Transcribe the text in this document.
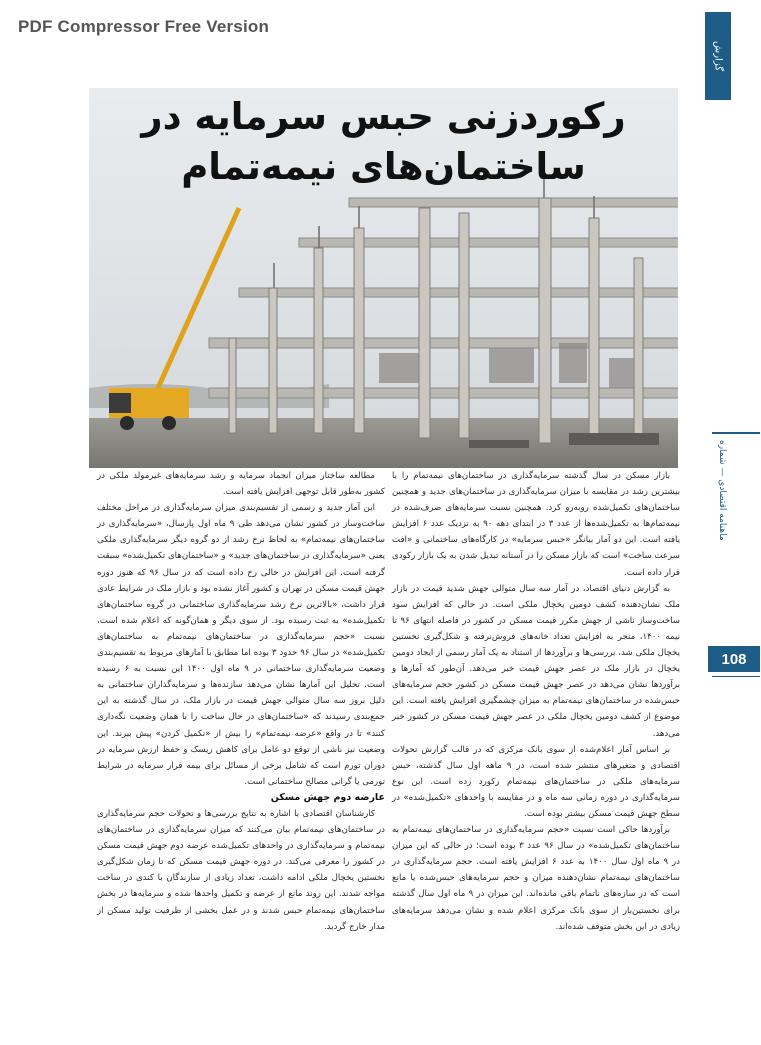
PDF Compressor Free Version
گزارش
ماهنامه اقتصادی — شماره
108
رکوردزنی حبس سرمایه در
ساختمان‌های نیمه‌تمام

بازار مسکن در سال گذشته سرمایه‌گذاری در ساختمان‌های نیمه‌تمام را با بیشترین رشد در مقایسه با میزان سرمایه‌گذاری در ساختمان‌های جدید و همچنین ساختمان‌های تکمیل‌شده روبه‌رو کرد. همچنین نسبت سرمایه‌های صرف‌شده در نیمه‌تمام‌ها به تکمیل‌شده‌ها از عدد ۳ در ابتدای دهه ۹۰ به نزدیک عدد ۶ افزایش یافته است. این دو آمار بیانگر «حبس سرمایه» در کارگاه‌های ساختمانی و «افت سرعت ساخت» است که بازار مسکن را در آستانه تبدیل شدن به یک بازار رکودی قرار داده است.

به گزارش دنیای اقتصاد، در آمار سه سال متوالی جهش شدید قیمت در بازار ملک نشان‌دهنده کشف دومین یخچال ملکی است. در حالی که افزایش سود ساخت‌وساز ناشی از جهش مکرر قیمت مسکن در کشور در فاصله انتهای ۹۶ تا نیمه ۱۴۰۰، منجر به افزایش تعداد خانه‌های فروش‌نرفته و شکل‌گیری نخستین یخچال ملکی شد، بررسی‌ها و برآوردها از استناد به یک آمار رسمی از ایجاد دومین یخچال در بازار ملک در عصر جهش قیمت خبر می‌دهد. آن‌طور که آمارها و برآوردها نشان می‌دهد در عصر جهش قیمت مسکن در کشور حجم سرمایه‌های حبس‌شده در ساختمان‌های نیمه‌تمام به میزان چشمگیری افزایش یافته است. این موضوع از کشف دومین یخچال ملکی در عصر جهش قیمت مسکن در کشور خبر می‌دهد.

بر اساس آمار اعلام‌شده از سوی بانک مرکزی که در قالب گزارش تحولات اقتصادی و متغیرهای منتشر شده است، در ۹ ماهه اول سال گذشته، حبس سرمایه‌های ملکی در ساختمان‌های نیمه‌تمام رکورد زده است. این نوع سرمایه‌گذاری در دوره زمانی سه ماه و در مقایسه با واحدهای «تکمیل‌شده» در سطح جهش قیمت مسکن بیشتر بوده است.

برآوردها حاکی است نسبت «حجم سرمایه‌گذاری در ساختمان‌های نیمه‌تمام به ساختمان‌های تکمیل‌شده» در سال ۹۶ عدد ۳ بوده است؛ در حالی که این میزان در ۹ ماه اول سال ۱۴۰۰ به عدد ۶ افزایش یافته است. حجم سرمایه‌گذاری در ساختمان‌های نیمه‌تمام نشان‌دهنده میزان و حجم سرمایه‌های حبس‌شده یا مانع است که در سازه‌های ناتمام باقی مانده‌اند. این میزان در ۹ ماه اول سال گذشته برای نخستین‌بار از سوی بانک مرکزی اعلام شده و نشان می‌دهد سرمایه‌های زیادی در این بخش متوقف شده‌اند.

مطالعه ساختار میزان انجماد سرمایه و رشد سرمایه‌های غیرمولد ملکی در کشور به‌طور قابل توجهی افزایش یافته است.

این آمار جدید و رسمی از تقسیم‌بندی میزان سرمایه‌گذاری در مراحل مختلف ساخت‌وساز در کشور نشان می‌دهد طی ۹ ماه اول پارسال، «سرمایه‌گذاری در ساختمان‌های نیمه‌تمام» به لحاظ نرخ رشد از دو گروه دیگر سرمایه‌گذاری ملکی یعنی «سرمایه‌گذاری در ساختمان‌های جدید» و «ساختمان‌های تکمیل‌شده» سبقت گرفته است. این افزایش در حالی رخ داده است که در سال ۹۶ که هنوز دوره جهش قیمت مسکن در تهران و کشور آغاز نشده بود و بازار ملک در شرایط عادی قرار داشت، «بالاترین نرخ رشد سرمایه‌گذاری ساختمانی در گروه ساختمان‌های تکمیل‌شده» به ثبت رسیده بود. از سوی دیگر و همان‌گونه که اعلام شده است، نسبت «حجم سرمایه‌گذاری در ساختمان‌های نیمه‌تمام به ساختمان‌های تکمیل‌شده» در سال ۹۶ حدود ۳ بوده اما مطابق با آمارهای مربوط به تقسیم‌بندی وضعیت سرمایه‌گذاری ساختمانی در ۹ ماه اول ۱۴۰۰ این نسبت به ۶ رسیده است. تحلیل این آمارها نشان می‌دهد سازنده‌ها و سرمایه‌گذاران ساختمانی به دلیل بروز سه سال متوالی جهش قیمت در بازار ملک، در سال گذشته به این جمع‌بندی رسیدند که «ساختمان‌های در حال ساخت را با همان وضعیت نگه‌داری کنند» تا در واقع «عرضه نیمه‌تمام» را بیش از «تکمیل کردن» پیش ببرند. این وضعیت نیز ناشی از توقع دو عامل برای کاهش ریسک و حفظ ارزش سرمایه در دوران تورم است که شامل برخی از مسائل برای بیمه فرار سرمایه در شرایط تورمی یا گرانی مصالح ساختمانی است.

عارضه دوم جهش مسکن

کارشناسان اقتصادی با اشاره به نتایج بررسی‌ها و تحولات حجم سرمایه‌گذاری در ساختمان‌های نیمه‌تمام بیان می‌کنند که میزان سرمایه‌گذاری در ساختمان‌های نیمه‌تمام و سرمایه‌گذاری در واحدهای تکمیل‌شده عرضه دوم جهش قیمت مسکن در کشور را معرفی می‌کند. در دوره جهش قیمت مسکن که تا زمان شکل‌گیری نخستین یخچال ملکی ادامه داشت، تعداد زیادی از سازندگان با کندی در ساخت مواجه شدند. این روند مانع از عرضه و تکمیل واحدها شده و سرمایه‌ها در بخش ساختمان‌های نیمه‌تمام حبس شدند و در عمل بخشی از ظرفیت تولید مسکن از مدار خارج گردید.
